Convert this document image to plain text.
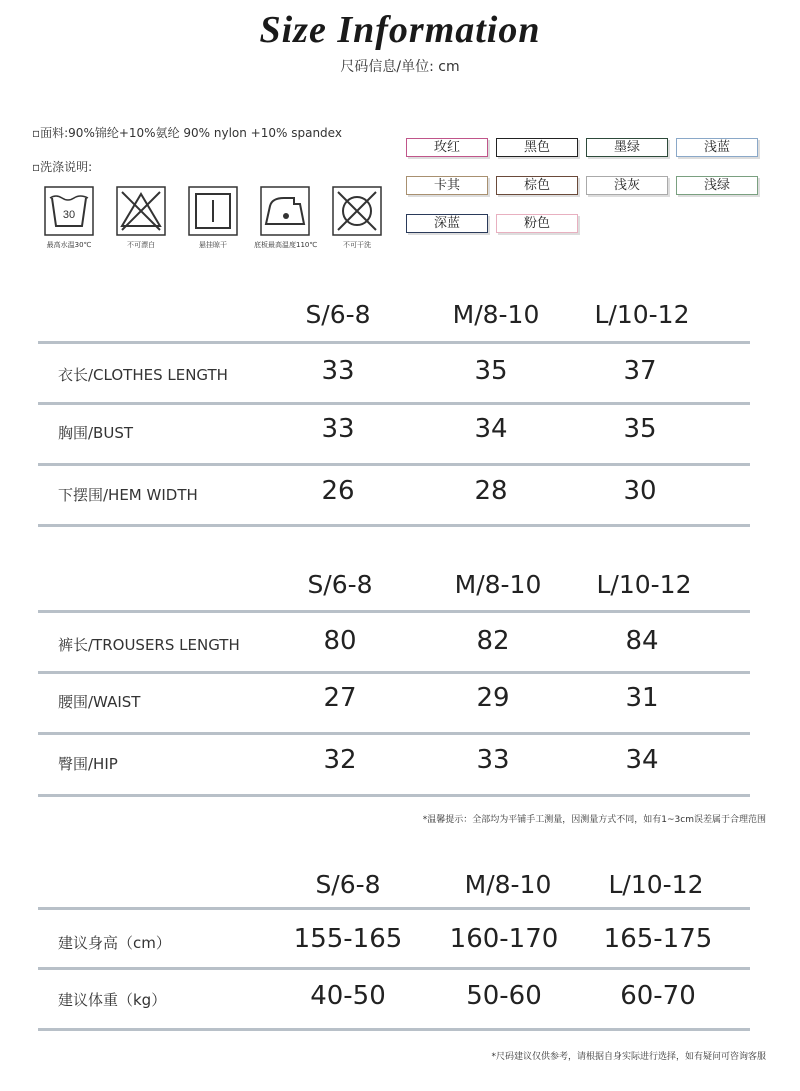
Size Information
尺码信息/单位: cm
▫面料:90%锦纶+10%氨纶 90% nylon +10% spandex
▫洗涤说明:
30
最高水温30℃	不可漂白	悬挂晾干	底板最高温度110℃	不可干洗
玫红	黑色	墨绿	浅蓝
卡其	棕色	浅灰	浅绿
深蓝	粉色
S/6-8	M/8-10	L/10-12
衣长/CLOTHES LENGTH	33	35	37
胸围/BUST	33	34	35
下摆围/HEM WIDTH	26	28	30
S/6-8	M/8-10	L/10-12
裤长/TROUSERS LENGTH	80	82	84
腰围/WAIST	27	29	31
臀围/HIP	32	33	34
*温馨提示：全部均为平铺手工测量，因测量方式不同，如有1~3cm误差属于合理范围
S/6-8	M/8-10	L/10-12
建议身高（cm）	155-165	160-170	165-175
建议体重（kg）	40-50	50-60	60-70
*尺码建议仅供参考，请根据自身实际进行选择，如有疑问可咨询客服
